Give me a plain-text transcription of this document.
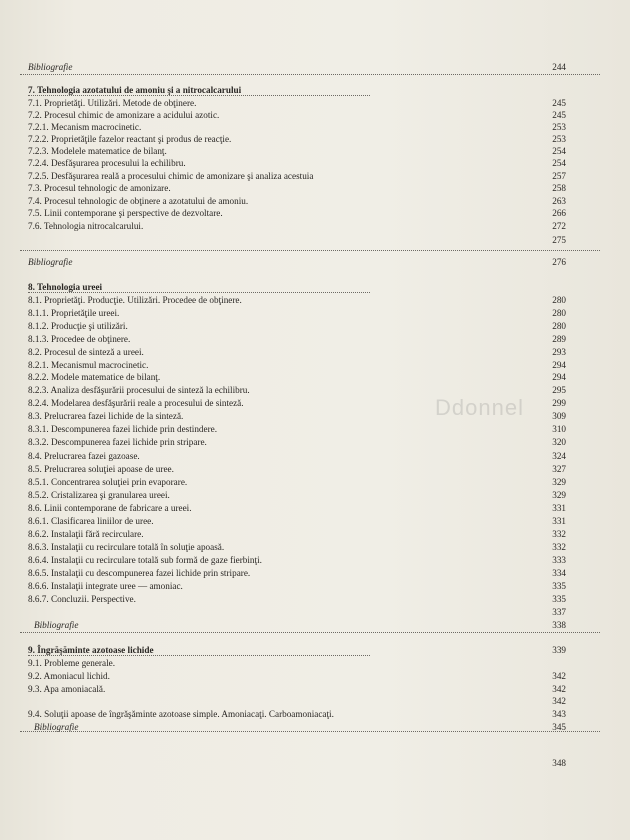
Ddonnel
Bibliografie	244
7. Tehnologia azotatului de amoniu şi a nitrocalcarului
7.1. Proprietăţi. Utilizări. Metode de obţinere.	245
7.2. Procesul chimic de amonizare a acidului azotic.	245
7.2.1. Mecanism macrocinetic.	253
7.2.2. Proprietăţile fazelor reactant şi produs de reacţie.	253
7.2.3. Modelele matematice de bilanţ.	254
7.2.4. Desfăşurarea procesului la echilibru.	254
7.2.5. Desfăşurarea reală a procesului chimic de amonizare şi analiza acestuia	257
7.3. Procesul tehnologic de amonizare.	258
7.4. Procesul tehnologic de obţinere a azotatului de amoniu.	263
7.5. Linii contemporane şi perspective de dezvoltare.	266
7.6. Tehnologia nitrocalcarului.	272
275
Bibliografie	276
8. Tehnologia ureei
8.1. Proprietăţi. Producţie. Utilizări. Procedee de obţinere.	280
8.1.1. Proprietăţile ureei.	280
8.1.2. Producţie şi utilizări.	280
8.1.3. Procedee de obţinere.	289
8.2. Procesul de sinteză a ureei.	293
8.2.1. Mecanismul macrocinetic.	294
8.2.2. Modele matematice de bilanţ.	294
8.2.3. Analiza desfăşurării procesului de sinteză la echilibru.	295
8.2.4. Modelarea desfăşurării reale a procesului de sinteză.	299
8.3. Prelucrarea fazei lichide de la sinteză.	309
8.3.1. Descompunerea fazei lichide prin destindere.	310
8.3.2. Descompunerea fazei lichide prin stripare.	320
8.4. Prelucrarea fazei gazoase.	324
8.5. Prelucrarea soluţiei apoase de uree.	327
8.5.1. Concentrarea soluţiei prin evaporare.	329
8.5.2. Cristalizarea şi granularea ureei.	329
8.6. Linii contemporane de fabricare a ureei.	331
8.6.1. Clasificarea liniilor de uree.	331
8.6.2. Instalaţii fără recirculare.	332
8.6.3. Instalaţii cu recirculare totală în soluţie apoasă.	332
8.6.4. Instalaţii cu recirculare totală sub formă de gaze fierbinţi.	333
8.6.5. Instalaţii cu descompunerea fazei lichide prin stripare.	334
8.6.6. Instalaţii integrate uree — amoniac.	335
8.6.7. Concluzii. Perspective.	335
337
Bibliografie	338
9. Îngrăşăminte azotoase lichide	339
9.1. Probleme generale.
9.2. Amoniacul lichid.	342
9.3. Apa amoniacală.	342
342
9.4. Soluţii apoase de îngrăşăminte azotoase simple. Amoniacaţi. Carboamoniacaţi.	343
Bibliografie	345
348
